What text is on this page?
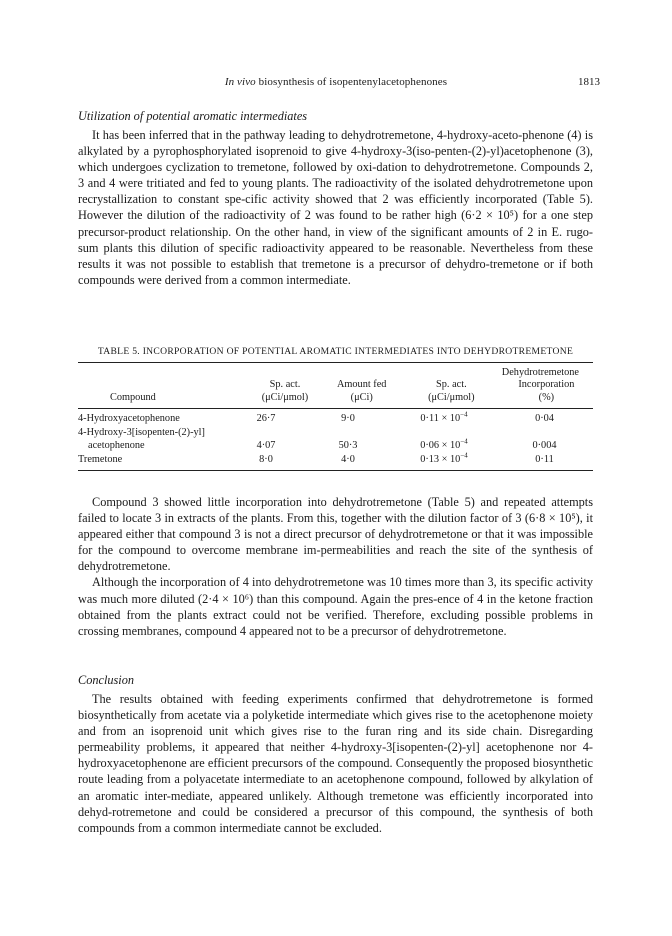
In vivo biosynthesis of isopentenylacetophenones	1813

Utilization of potential aromatic intermediates

It has been inferred that in the pathway leading to dehydrotremetone, 4-hydroxy-aceto-phenone (4) is alkylated by a pyrophosphorylated isoprenoid to give 4-hydroxy-3(iso-penten-(2)-yl)acetophenone (3), which undergoes cyclization to tremetone, followed by oxi-dation to dehydrotremetone. Compounds 2, 3 and 4 were tritiated and fed to young plants. The radioactivity of the isolated dehydrotremetone upon recrystallization to constant spe-cific activity showed that 2 was efficiently incorporated (Table 5). However the dilution of the radioactivity of 2 was found to be rather high (6·2 × 10⁵) for a one step precursor-product relationship. On the other hand, in view of the significant amounts of 2 in E. rugo-sum plants this dilution of specific radioactivity appeared to be reasonable. Nevertheless from these results it was not possible to establish that tremetone is a precursor of dehydro-tremetone or if both compounds were derived from a common intermediate.

TABLE 5. INCORPORATION OF POTENTIAL AROMATIC INTERMEDIATES INTO DEHYDROTREMETONE
			Dehydrotremetone	
	Sp. act.	Amount fed	Sp. act.	Incorporation
Compound	(μCi/μmol)	(μCi)	(μCi/μmol)	(%)
4-Hydroxyacetophenone	26·7	9·0	$0\cdot 11 \times 10^{-4}$	0·04

4-Hydroxy-3[isopenten-(2)-yl]
acetophenone	4·07	50·3	$0\cdot 06 \times 10^{-4}$	0·004
Tremetone	8·0	4·0	$0\cdot 13 \times 10^{-4}$	0·11

Compound 3 showed little incorporation into dehydrotremetone (Table 5) and repeated attempts failed to locate 3 in extracts of the plants. From this, together with the dilution factor of 3 (6·8 × 10⁵), it appeared either that compound 3 is not a direct precursor of dehydrotremetone or that it was impossible for the compound to overcome membrane im-permeabilities and reach the site of the synthesis of dehydrotremetone.

Although the incorporation of 4 into dehydrotremetone was 10 times more than 3, its specific activity was much more diluted (2·4 × 10⁶) than this compound. Again the pres-ence of 4 in the ketone fraction obtained from the plants extract could not be verified. Therefore, excluding possible problems in crossing membranes, compound 4 appeared not to be a precursor of dehydrotremetone.

Conclusion

The results obtained with feeding experiments confirmed that dehydrotremetone is formed biosynthetically from acetate via a polyketide intermediate which gives rise to the acetophenone moiety and from an isoprenoid unit which gives rise to the furan ring and its side chain. Disregarding permeability problems, it appeared that neither 4-hydroxy-3[isopenten-(2)-yl] acetophenone nor 4-hydroxyacetophenone are efficient precursors of the compound. Consequently the proposed biosynthetic route leading from a polyacetate intermediate to an acetophenone compound, followed by alkylation of an aromatic inter-mediate, appeared unlikely. Although tremetone was efficiently incorporated into dehyd-rotremetone and could be considered a precursor of this compound, the synthesis of both compounds from a common intermediate cannot be excluded.
